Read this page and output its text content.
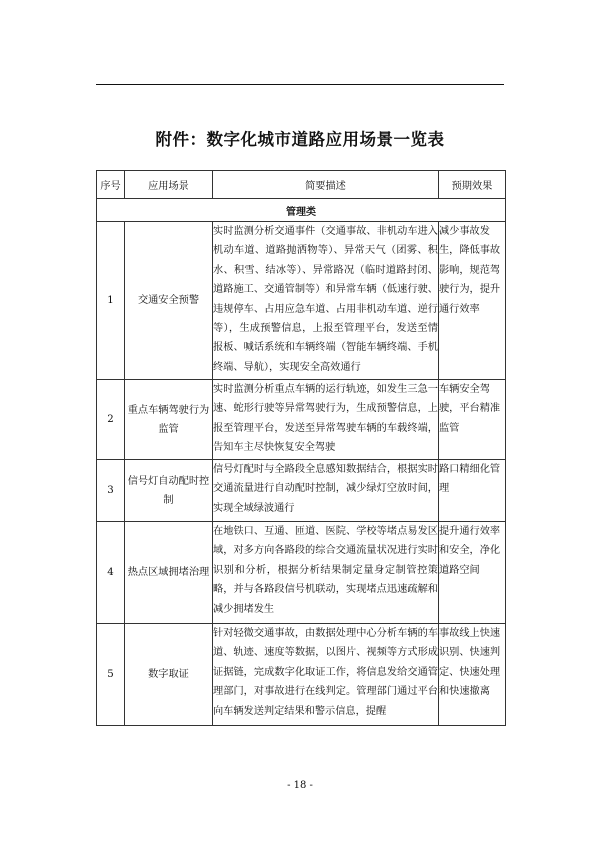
附件：数字化城市道路应用场景一览表
序号	应用场景	简要描述	预期效果
管理类			
1	交通安全预警	实时监测分析交通事件（交通事故、非机动车进入机动车道、道路抛洒物等）、异常天气（团雾、积水、积雪、结冰等）、异常路况（临时道路封闭、道路施工、交通管制等）和异常车辆（低速行驶、违规停车、占用应急车道、占用非机动车道、逆行等），生成预警信息，上报至管理平台，发送至情报板、喊话系统和车辆终端（智能车辆终端、手机终端、导航），实现安全高效通行	减少事故发生，降低事故影响，规范驾驶行为，提升通行效率
2	重点车辆驾驶行为监管	实时监测分析重点车辆的运行轨迹，如发生三急一速、蛇形行驶等异常驾驶行为，生成预警信息，上报至管理平台，发送至异常驾驶车辆的车载终端，告知车主尽快恢复安全驾驶	车辆安全驾驶，平台精准监管
3	信号灯自动配时控制	信号灯配时与全路段全息感知数据结合，根据实时交通流量进行自动配时控制，减少绿灯空放时间，实现全域绿波通行	路口精细化管理
4	热点区域拥堵治理	在地铁口、互通、匝道、医院、学校等堵点易发区域，对多方向各路段的综合交通流量状况进行实时识别和分析，根据分析结果制定量身定制管控策略，并与各路段信号机联动，实现堵点迅速疏解和减少拥堵发生	提升通行效率和安全，净化道路空间
5	数字取证	针对轻微交通事故，由数据处理中心分析车辆的车道、轨迹、速度等数据，以图片、视频等方式形成证据链，完成数字化取证工作，将信息发给交通管理部门，对事故进行在线判定。管理部门通过平台向车辆发送判定结果和警示信息，提醒	事故线上快速识别、快速判定、快速处理和快速撤离
- 18 -
